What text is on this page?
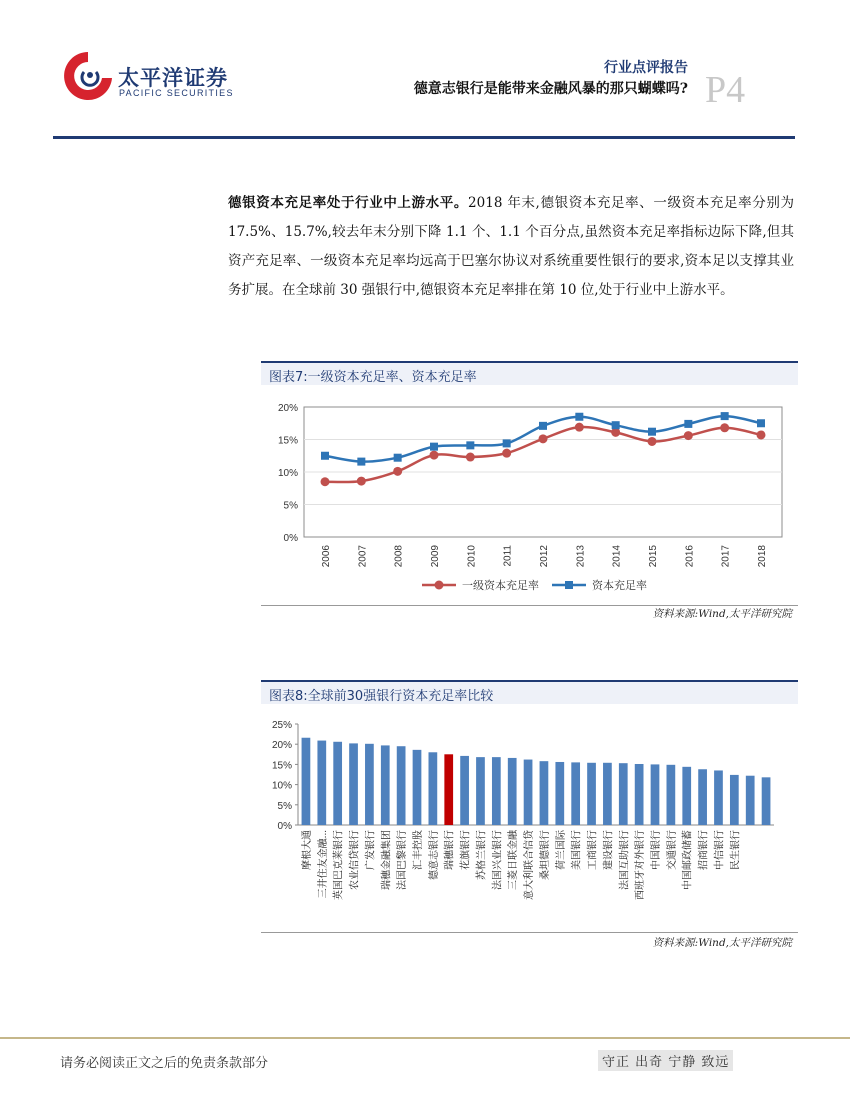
太平洋证券
PACIFIC SECURITIES
行业点评报告
德意志银行是能带来金融风暴的那只蝴蝶吗? P4
德银资本充足率处于行业中上游水平。2018 年末,德银资本充足率、一级资本充足率分别为 17.5%、15.7%,较去年末分别下降 1.1 个、1.1 个百分点,虽然资本充足率指标边际下降,但其资产充足率、一级资本充足率均远高于巴塞尔协议对系统重要性银行的要求,资本足以支撑其业务扩展。在全球前 30 强银行中,德银资本充足率排在第 10 位,处于行业中上游水平。
图表7:一级资本充足率、资本充足率
0%
5%
10%
15%
20%
2006	2007	2008	2009	2010	2011	2012	2013	2014	2015	2016	2017	2018
一级资本充足率	资本充足率
资料来源:Wind,太平洋研究院
图表8:全球前30强银行资本充足率比较
0%
5%
10%
15%
20%
25%
摩根大通 三井住友金融... 英国巴克莱银行 农业信贷银行 广发银行 瑞穗金融集团 法国巴黎银行 汇丰控股 德意志银行 瑞穗银行 花旗银行 苏格兰银行 法国兴业银行 三菱日联金融 意大利联合信贷 桑坦德银行 荷兰国际 美国银行 工商银行 建设银行 法国互助银行 西班牙对外银行 中国银行 交通银行 中国邮政储蓄 招商银行 中信银行 民生银行
资料来源:Wind,太平洋研究院
请务必阅读正文之后的免责条款部分	守正 出奇 宁静 致远
